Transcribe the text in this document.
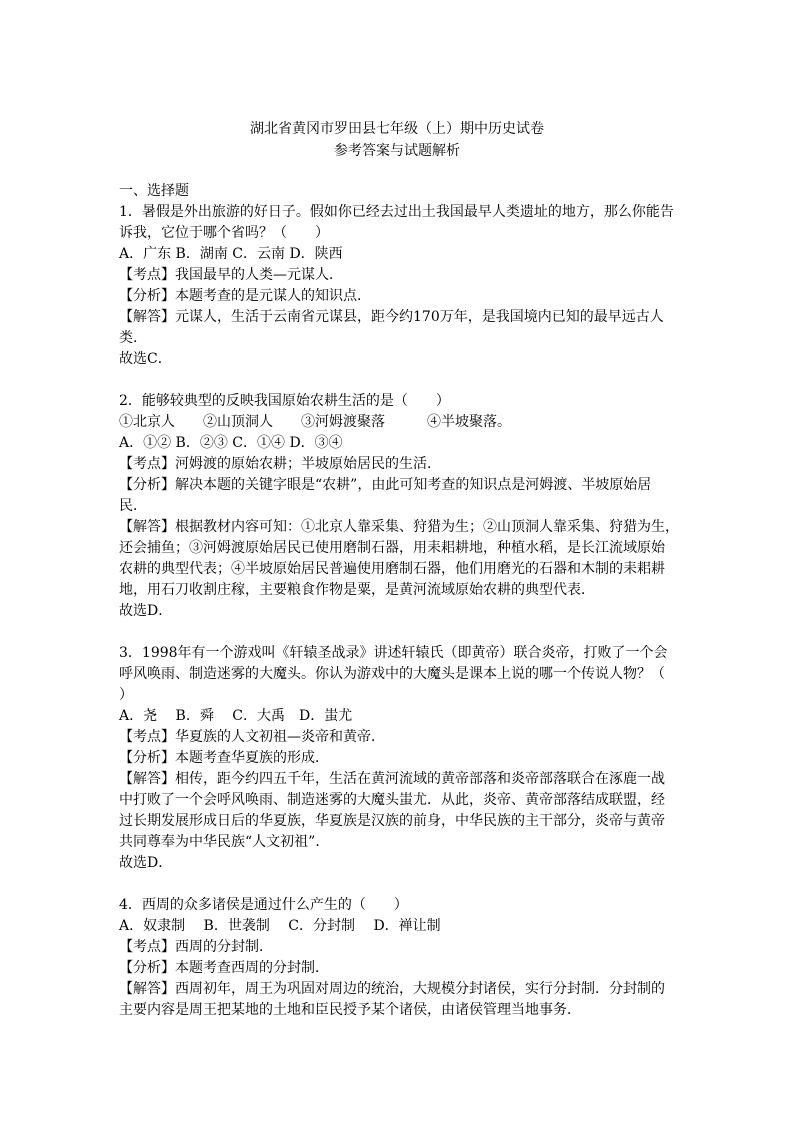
湖北省黄冈市罗田县七年级（上）期中历史试卷
参考答案与试题解析
一、选择题
1．暑假是外出旅游的好日子。假如你已经去过出土我国最早人类遗址的地方，那么你能告
诉我，它位于哪个省吗？（　　）
A．广东 B．湖南 C．云南 D．陕西
【考点】我国最早的人类—元谋人．
【分析】本题考查的是元谋人的知识点．
【解答】元谋人，生活于云南省元谋县，距今约170万年，是我国境内已知的最早远古人
类.
故选C．
2．能够较典型的反映我国原始农耕生活的是（　　）
①北京人　　②山顶洞人　　③河姆渡聚落　　　④半坡聚落。
A．①② B．②③ C．①④ D．③④
【考点】河姆渡的原始农耕；半坡原始居民的生活．
【分析】解决本题的关键字眼是“农耕”，由此可知考查的知识点是河姆渡、半坡原始居
民．
【解答】根据教材内容可知：①北京人靠采集、狩猎为生；②山顶洞人靠采集、狩猎为生，
还会捕鱼；③河姆渡原始居民已使用磨制石器，用耒耜耕地，种植水稻，是长江流域原始
农耕的典型代表；④半坡原始居民普遍使用磨制石器，他们用磨光的石器和木制的耒耜耕
地，用石刀收割庄稼，主要粮食作物是粟，是黄河流域原始农耕的典型代表．
故选D．
3．1998年有一个游戏叫《轩辕圣战录》讲述轩辕氏（即黄帝）联合炎帝，打败了一个会
呼风唤雨、制造迷雾的大魔头。你认为游戏中的大魔头是课本上说的哪一个传说人物？（
）
A．尧　 B．舜　 C．大禹　D．蚩尤
【考点】华夏族的人文初祖—炎帝和黄帝．
【分析】本题考查华夏族的形成．
【解答】相传，距今约四五千年，生活在黄河流域的黄帝部落和炎帝部落联合在涿鹿一战
中打败了一个会呼风唤雨、制造迷雾的大魔头蚩尤．从此，炎帝、黄帝部落结成联盟，经
过长期发展形成日后的华夏族，华夏族是汉族的前身，中华民族的主干部分，炎帝与黄帝
共同尊奉为中华民族“人文初祖”．
故选D．
4．西周的众多诸侯是通过什么产生的（　　）
A．奴隶制　 B．世袭制　 C．分封制　 D．禅让制
【考点】西周的分封制．
【分析】本题考查西周的分封制．
【解答】西周初年，周王为巩固对周边的统治，大规模分封诸侯，实行分封制．分封制的
主要内容是周王把某地的土地和臣民授予某个诸侯，由诸侯管理当地事务．
